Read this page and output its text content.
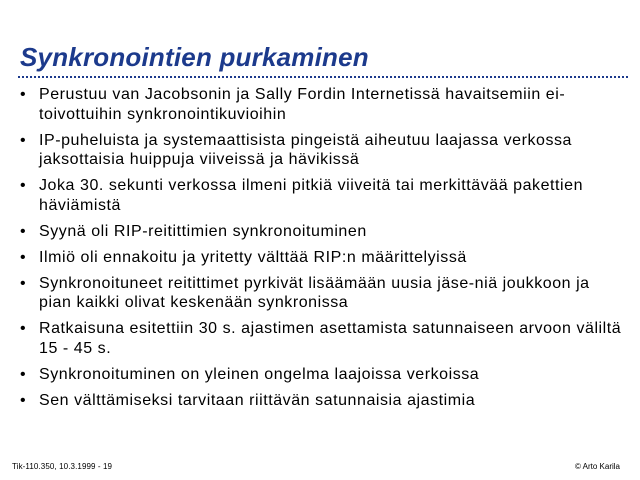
Synkronointien purkaminen
• Perustuu van Jacobsonin ja Sally Fordin Internetissä havaitsemiin ei-toivottuihin synkronointikuvioihin
• IP-puheluista ja systemaattisista pingeistä aiheutuu laajassa verkossa jaksottaisia huippuja viiveissä ja hävikissä
• Joka 30. sekunti verkossa ilmeni pitkiä viiveitä tai merkittävää pakettien häviämistä
• Syynä oli RIP-reitittimien synkronoituminen
• Ilmiö oli ennakoitu ja yritetty välttää RIP:n määrittelyissä
• Synkronoituneet reitittimet pyrkivät lisäämään uusia jäse-niä joukkoon ja pian kaikki olivat keskenään synkronissa
• Ratkaisuna esitettiin 30 s. ajastimen asettamista satunnaiseen arvoon väliltä 15 - 45 s.
• Synkronoituminen on yleinen ongelma laajoissa verkoissa
• Sen välttämiseksi tarvitaan riittävän satunnaisia ajastimia
Tik-110.350, 10.3.1999 - 19	© Arto Karila
